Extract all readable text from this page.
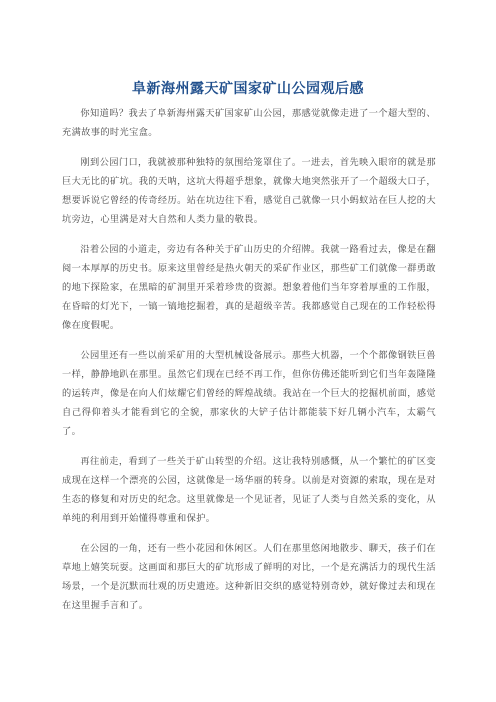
阜新海州露天矿国家矿山公园观后感

你知道吗？我去了阜新海州露天矿国家矿山公园，那感觉就像走进了一个超大型的、充满故事的时光宝盒。

刚到公园门口，我就被那种独特的氛围给笼罩住了。一进去，首先映入眼帘的就是那巨大无比的矿坑。我的天呐，这坑大得超乎想象，就像大地突然张开了一个超级大口子，想要诉说它曾经的传奇经历。站在坑边往下看，感觉自己就像一只小蚂蚁站在巨人挖的大坑旁边，心里满是对大自然和人类力量的敬畏。

沿着公园的小道走，旁边有各种关于矿山历史的介绍牌。我就一路看过去，像是在翻阅一本厚厚的历史书。原来这里曾经是热火朝天的采矿作业区，那些矿工们就像一群勇敢的地下探险家，在黑暗的矿洞里开采着珍贵的资源。想象着他们当年穿着厚重的工作服，在昏暗的灯光下，一镐一镐地挖掘着，真的是超级辛苦。我都感觉自己现在的工作轻松得像在度假呢。

公园里还有一些以前采矿用的大型机械设备展示。那些大机器，一个个都像钢铁巨兽一样，静静地趴在那里。虽然它们现在已经不再工作，但你仿佛还能听到它们当年轰隆隆的运转声，像是在向人们炫耀它们曾经的辉煌战绩。我站在一个巨大的挖掘机前面，感觉自己得仰着头才能看到它的全貌，那家伙的大铲子估计都能装下好几辆小汽车，太霸气了。

再往前走，看到了一些关于矿山转型的介绍。这让我特别感慨，从一个繁忙的矿区变成现在这样一个漂亮的公园，这就像是一场华丽的转身。以前是对资源的索取，现在是对生态的修复和对历史的纪念。这里就像是一个见证者，见证了人类与自然关系的变化，从单纯的利用到开始懂得尊重和保护。

在公园的一角，还有一些小花园和休闲区。人们在那里悠闲地散步、聊天，孩子们在草地上嬉笑玩耍。这画面和那巨大的矿坑形成了鲜明的对比，一个是充满活力的现代生活场景，一个是沉默而壮观的历史遗迹。这种新旧交织的感觉特别奇妙，就好像过去和现在在这里握手言和了。
